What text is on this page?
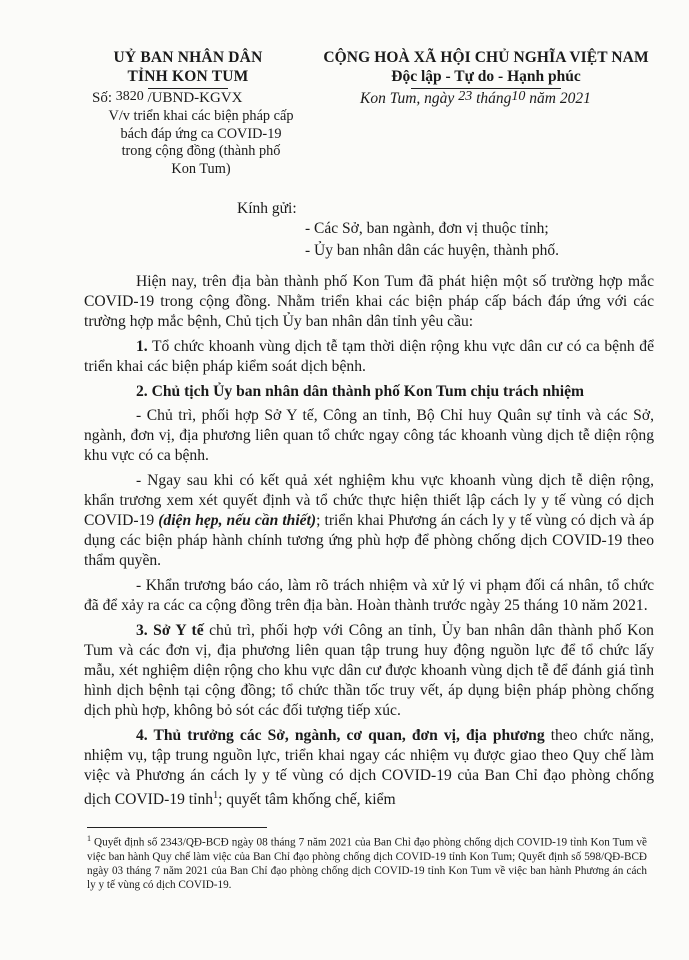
UỶ BAN NHÂN DÂN
TỈNH KON TUM
CỘNG HOÀ XÃ HỘI CHỦ NGHĨA VIỆT NAM
Độc lập - Tự do - Hạnh phúc
Số: 3820 /UBND-KGVX
V/v triển khai các biện pháp cấp
bách đáp ứng ca COVID-19
trong cộng đồng (thành phố
Kon Tum)
Kon Tum, ngày 23 tháng10 năm 2021
Kính gửi:
- Các Sở, ban ngành, đơn vị thuộc tỉnh;
- Ủy ban nhân dân các huyện, thành phố.

Hiện nay, trên địa bàn thành phố Kon Tum đã phát hiện một số trường hợp mắc COVID-19 trong cộng đồng. Nhằm triển khai các biện pháp cấp bách đáp ứng với các trường hợp mắc bệnh, Chủ tịch Ủy ban nhân dân tỉnh yêu cầu:

1. Tổ chức khoanh vùng dịch tễ tạm thời diện rộng khu vực dân cư có ca bệnh để triển khai các biện pháp kiểm soát dịch bệnh.

2. Chủ tịch Ủy ban nhân dân thành phố Kon Tum chịu trách nhiệm

- Chủ trì, phối hợp Sở Y tế, Công an tỉnh, Bộ Chỉ huy Quân sự tỉnh và các Sở, ngành, đơn vị, địa phương liên quan tổ chức ngay công tác khoanh vùng dịch tễ diện rộng khu vực có ca bệnh.

- Ngay sau khi có kết quả xét nghiệm khu vực khoanh vùng dịch tễ diện rộng, khẩn trương xem xét quyết định và tổ chức thực hiện thiết lập cách ly y tế vùng có dịch COVID-19 (diện hẹp, nếu cần thiết); triển khai Phương án cách ly y tế vùng có dịch và áp dụng các biện pháp hành chính tương ứng phù hợp để phòng chống dịch COVID-19 theo thẩm quyền.

- Khẩn trương báo cáo, làm rõ trách nhiệm và xử lý vi phạm đối cá nhân, tổ chức đã để xảy ra các ca cộng đồng trên địa bàn. Hoàn thành trước ngày 25 tháng 10 năm 2021.

3. Sở Y tế chủ trì, phối hợp với Công an tỉnh, Ủy ban nhân dân thành phố Kon Tum và các đơn vị, địa phương liên quan tập trung huy động nguồn lực để tổ chức lấy mẫu, xét nghiệm diện rộng cho khu vực dân cư được khoanh vùng dịch tễ để đánh giá tình hình dịch bệnh tại cộng đồng; tổ chức thần tốc truy vết, áp dụng biện pháp phòng chống dịch phù hợp, không bỏ sót các đối tượng tiếp xúc.

4. Thủ trưởng các Sở, ngành, cơ quan, đơn vị, địa phương theo chức năng, nhiệm vụ, tập trung nguồn lực, triển khai ngay các nhiệm vụ được giao theo Quy chế làm việc và Phương án cách ly y tế vùng có dịch COVID-19 của Ban Chỉ đạo phòng chống dịch COVID-19 tỉnh$^1$; quyết tâm khống chế, kiểm

$^1$ Quyết định số 2343/QĐ-BCĐ ngày 08 tháng 7 năm 2021 của Ban Chỉ đạo phòng chống dịch COVID-19 tỉnh Kon Tum về việc ban hành Quy chế làm việc của Ban Chỉ đạo phòng chống dịch COVID-19 tỉnh Kon Tum; Quyết định số 598/QĐ-BCĐ ngày 03 tháng 7 năm 2021 của Ban Chỉ đạo phòng chống dịch COVID-19 tỉnh Kon Tum về việc ban hành Phương án cách ly y tế vùng có dịch COVID-19.
